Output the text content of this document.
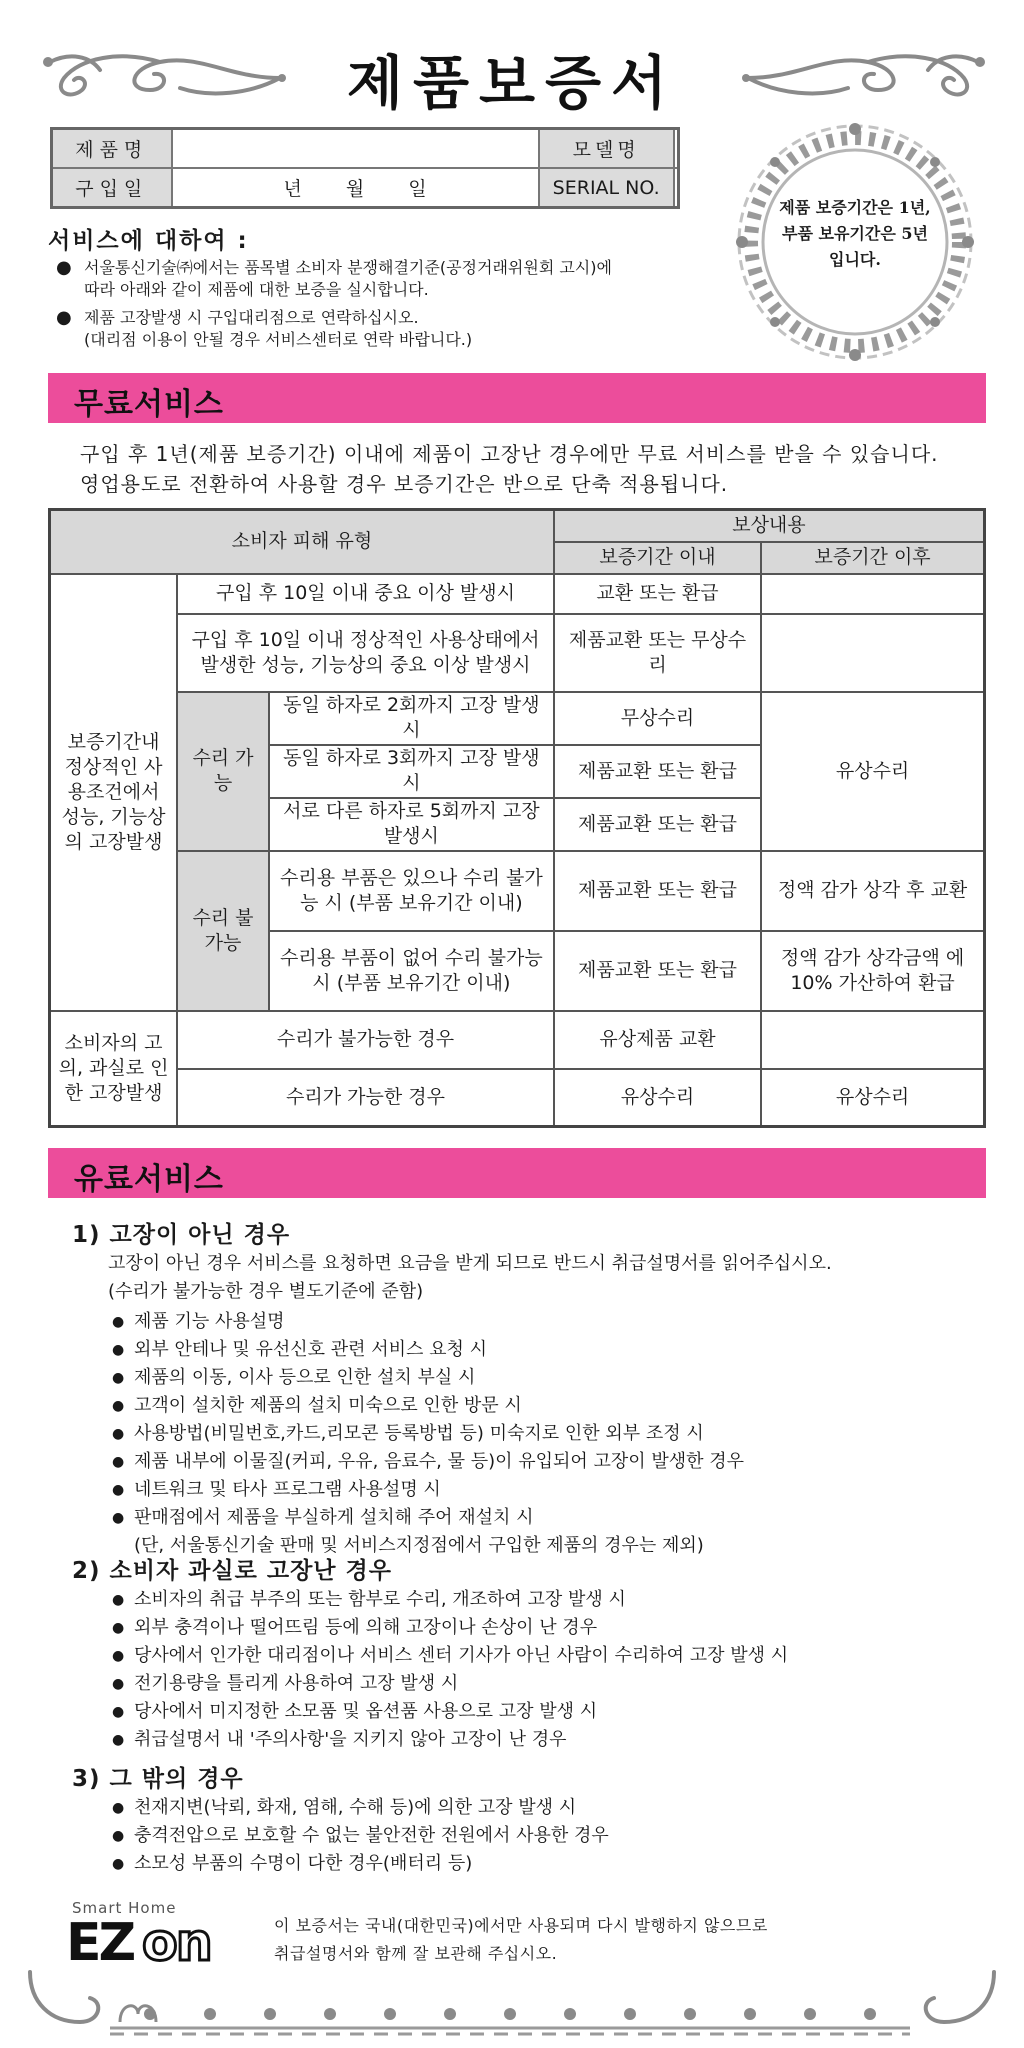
제품보증서
제품명		모델명	
구입일	년 월 일	SERIAL NO.	
제품 보증기간은 1년,
부품 보유기간은 5년
입니다.
서비스에 대하여 :
● 서울통신기술㈜에서는 품목별 소비자 분쟁해결기준(공정거래위원회 고시)에
따라 아래와 같이 제품에 대한 보증을 실시합니다.
● 제품 고장발생 시 구입대리점으로 연락하십시오.
(대리점 이용이 안될 경우 서비스센터로 연락 바랍니다.)
무료서비스
구입 후 1년(제품 보증기간) 이내에 제품이 고장난 경우에만 무료 서비스를 받을 수 있습니다.
영업용도로 전환하여 사용할 경우 보증기간은 반으로 단축 적용됩니다.
소비자 피해 유형			보상내용	
			보증기간 이내	보증기간 이후
보증기간내 정상적인 사용조건에서 성능, 기능상의 고장발생	구입 후 10일 이내 중요 이상 발생시		교환 또는 환급	
	구입 후 10일 이내 정상적인 사용상태에서 발생한 성능, 기능상의 중요 이상 발생시		제품교환 또는 무상수리	
	수리 가능	동일 하자로 2회까지 고장 발생시	무상수리	유상수리
		동일 하자로 3회까지 고장 발생시	제품교환 또는 환급	
		서로 다른 하자로 5회까지 고장 발생시	제품교환 또는 환급	
	수리 불가능	수리용 부품은 있으나 수리 불가능 시 (부품 보유기간 이내)	제품교환 또는 환급	정액 감가 상각 후 교환
		수리용 부품이 없어 수리 불가능 시 (부품 보유기간 이내)	제품교환 또는 환급	정액 감가 상각금액 에 10% 가산하여 환급
소비자의 고의, 과실로 인한 고장발생	수리가 불가능한 경우		유상제품 교환	
	수리가 가능한 경우		유상수리	유상수리
유료서비스
1) 고장이 아닌 경우
고장이 아닌 경우 서비스를 요청하면 요금을 받게 되므로 반드시 취급설명서를 읽어주십시오.
(수리가 불가능한 경우 별도기준에 준함)
● 제품 기능 사용설명
● 외부 안테나 및 유선신호 관련 서비스 요청 시
● 제품의 이동, 이사 등으로 인한 설치 부실 시
● 고객이 설치한 제품의 설치 미숙으로 인한 방문 시
● 사용방법(비밀번호,카드,리모콘 등록방법 등) 미숙지로 인한 외부 조정 시
● 제품 내부에 이물질(커피, 우유, 음료수, 물 등)이 유입되어 고장이 발생한 경우
● 네트워크 및 타사 프로그램 사용설명 시
● 판매점에서 제품을 부실하게 설치해 주어 재설치 시
(단, 서울통신기술 판매 및 서비스지정점에서 구입한 제품의 경우는 제외)
2) 소비자 과실로 고장난 경우
● 소비자의 취급 부주의 또는 함부로 수리, 개조하여 고장 발생 시
● 외부 충격이나 떨어뜨림 등에 의해 고장이나 손상이 난 경우
● 당사에서 인가한 대리점이나 서비스 센터 기사가 아닌 사람이 수리하여 고장 발생 시
● 전기용량을 틀리게 사용하여 고장 발생 시
● 당사에서 미지정한 소모품 및 옵션품 사용으로 고장 발생 시
● 취급설명서 내 '주의사항'을 지키지 않아 고장이 난 경우
3) 그 밖의 경우
● 천재지변(낙뢰, 화재, 염해, 수해 등)에 의한 고장 발생 시
● 충격전압으로 보호할 수 없는 불안전한 전원에서 사용한 경우
● 소모성 부품의 수명이 다한 경우(배터리 등)
Smart Home
EZ on	이 보증서는 국내(대한민국)에서만 사용되며 다시 발행하지 않으므로
취급설명서와 함께 잘 보관해 주십시오.
